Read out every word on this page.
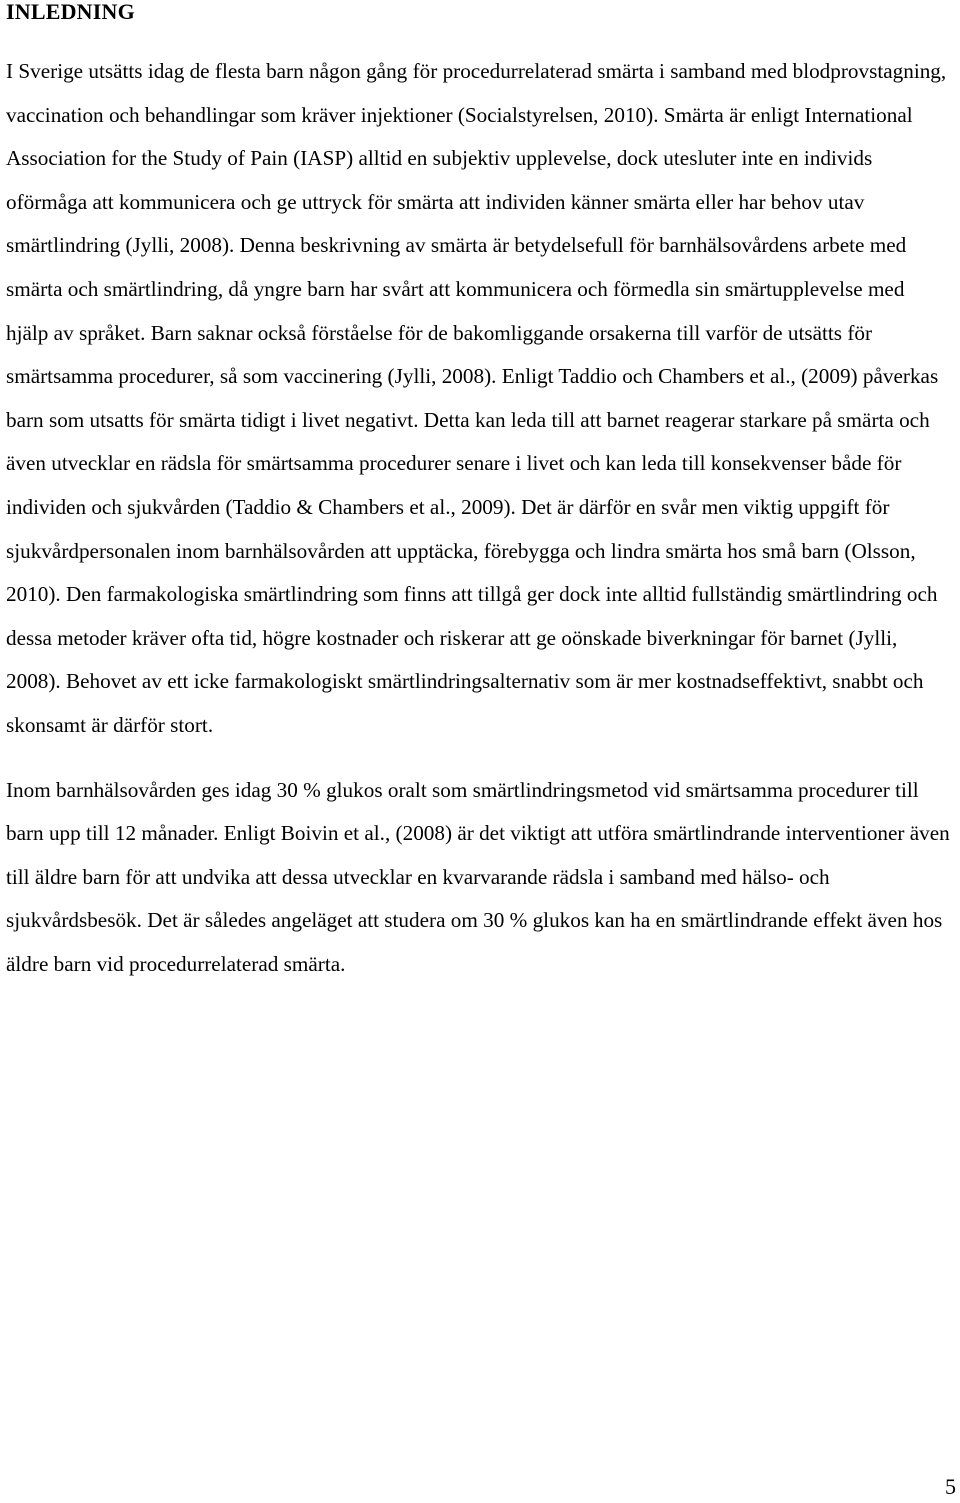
INLEDNING

I Sverige utsätts idag de flesta barn någon gång för procedurrelaterad smärta i samband med blodprovstagning, vaccination och behandlingar som kräver injektioner (Socialstyrelsen, 2010). Smärta är enligt International Association for the Study of Pain (IASP) alltid en subjektiv upplevelse, dock utesluter inte en individs oförmåga att kommunicera och ge uttryck för smärta att individen känner smärta eller har behov utav smärtlindring (Jylli, 2008). Denna beskrivning av smärta är betydelsefull för barnhälsovårdens arbete med smärta och smärtlindring, då yngre barn har svårt att kommunicera och förmedla sin smärtupplevelse med hjälp av språket. Barn saknar också förståelse för de bakomliggande orsakerna till varför de utsätts för smärtsamma procedurer, så som vaccinering (Jylli, 2008). Enligt Taddio och Chambers et al., (2009) påverkas barn som utsatts för smärta tidigt i livet negativt. Detta kan leda till att barnet reagerar starkare på smärta och även utvecklar en rädsla för smärtsamma procedurer senare i livet och kan leda till konsekvenser både för individen och sjukvården (Taddio & Chambers et al., 2009). Det är därför en svår men viktig uppgift för sjukvårdpersonalen inom barnhälsovården att upptäcka, förebygga och lindra smärta hos små barn (Olsson, 2010). Den farmakologiska smärtlindring som finns att tillgå ger dock inte alltid fullständig smärtlindring och dessa metoder kräver ofta tid, högre kostnader och riskerar att ge oönskade biverkningar för barnet (Jylli, 2008). Behovet av ett icke farmakologiskt smärtlindringsalternativ som är mer kostnadseffektivt, snabbt och skonsamt är därför stort.

Inom barnhälsovården ges idag 30 % glukos oralt som smärtlindringsmetod vid smärtsamma procedurer till barn upp till 12 månader. Enligt Boivin et al., (2008) är det viktigt att utföra smärtlindrande interventioner även till äldre barn för att undvika att dessa utvecklar en kvarvarande rädsla i samband med hälso- och sjukvårdsbesök. Det är således angeläget att studera om 30 % glukos kan ha en smärtlindrande effekt även hos äldre barn vid procedurrelaterad smärta.

5
